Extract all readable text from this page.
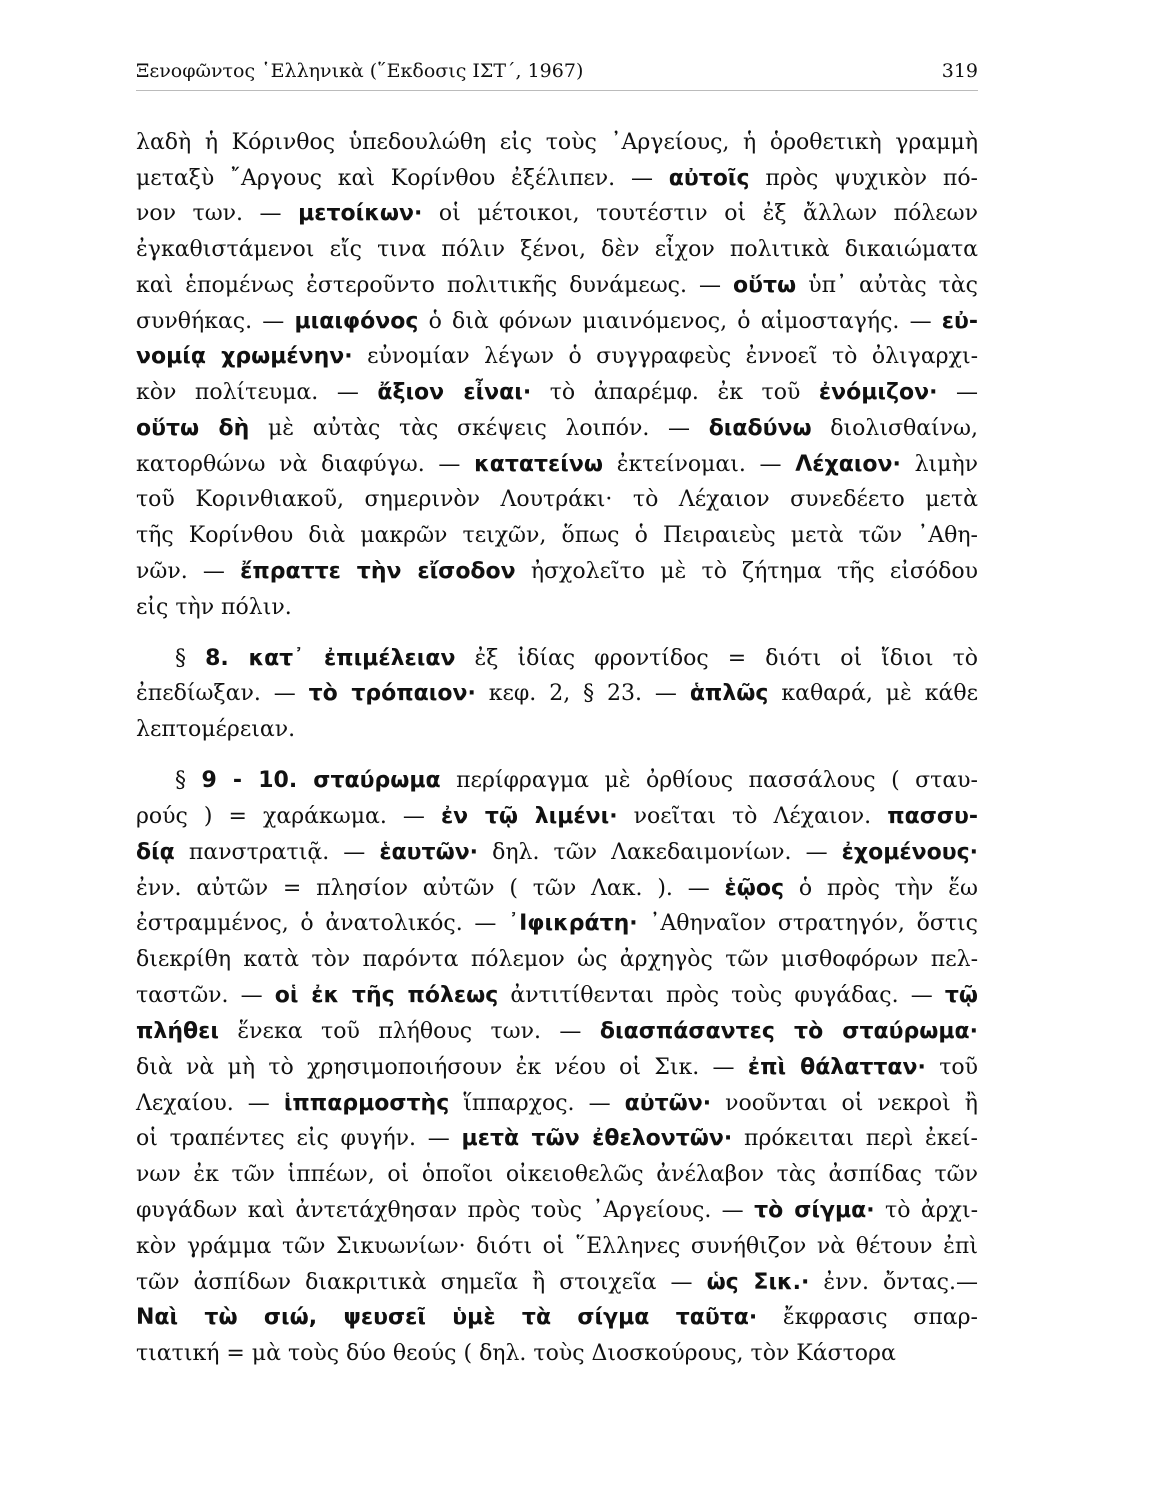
Ξενοφῶντος ῾Ελληνικὰ (῞Εκδοσις ΙΣΤ΄, 1967)	319
λαδὴ ἡ Κόρινθος ὑπεδουλώθη εἰς τοὺς ᾿Αργείους, ἡ ὁροθετικὴ γραμμὴ
μεταξὺ ῎Αργους καὶ Κορίνθου ἐξέλιπεν. — αὐτοῖς πρὸς ψυχικὸν πό-
νον των. — μετοίκων· οἱ μέτοικοι, τουτέστιν οἱ ἐξ ἄλλων πόλεων
ἐγκαθιστάμενοι εἴς τινα πόλιν ξένοι, δὲν εἶχον πολιτικὰ δικαιώματα
καὶ ἑπομένως ἐστεροῦντο πολιτικῆς δυνάμεως. — οὕτω ὑπ᾿ αὐτὰς τὰς
συνθήκας. — μιαιφόνος ὁ διὰ φόνων μιαινόμενος, ὁ αἱμοσταγής. — εὐ-
νομίᾳ χρωμένην· εὐνομίαν λέγων ὁ συγγραφεὺς ἐννοεῖ τὸ ὀλιγαρχι-
κὸν πολίτευμα. — ἄξιον εἶναι· τὸ ἀπαρέμφ. ἐκ τοῦ ἐνόμιζον· —
οὕτω δὴ μὲ αὐτὰς τὰς σκέψεις λοιπόν. — διαδύνω διολισθαίνω,
κατορθώνω νὰ διαφύγω. — κατατείνω ἐκτείνομαι. — Λέχαιον· λιμὴν
τοῦ Κορινθιακοῦ, σημερινὸν Λουτράκι· τὸ Λέχαιον συνεδέετο μετὰ
τῆς Κορίνθου διὰ μακρῶν τειχῶν, ὅπως ὁ Πειραιεὺς μετὰ τῶν ᾿Αθη-
νῶν. — ἔπραττε τὴν εἴσοδον ἠσχολεῖτο μὲ τὸ ζήτημα τῆς εἰσόδου
εἰς τὴν πόλιν.
§ 8. κατ᾿ ἐπιμέλειαν ἐξ ἰδίας φροντίδος = διότι οἱ ἴδιοι τὸ
ἐπεδίωξαν. — τὸ τρόπαιον· κεφ. 2, § 23. — ἁπλῶς καθαρά, μὲ κάθε
λεπτομέρειαν.
§ 9 - 10. σταύρωμα περίφραγμα μὲ ὀρθίους πασσάλους ( σταυ-
ρούς ) = χαράκωμα. — ἐν τῷ λιμένι· νοεῖται τὸ Λέχαιον. πασσυ-
δίᾳ πανστρατιᾷ. — ἑαυτῶν· δηλ. τῶν Λακεδαιμονίων. — ἐχομένους·
ἐνν. αὐτῶν = πλησίον αὐτῶν ( τῶν Λακ. ). — ἑῷος ὁ πρὸς τὴν ἕω
ἐστραμμένος, ὁ ἀνατολικός. — ᾿Ιφικράτη· ᾿Αθηναῖον στρατηγόν, ὅστις
διεκρίθη κατὰ τὸν παρόντα πόλεμον ὡς ἀρχηγὸς τῶν μισθοφόρων πελ-
ταστῶν. — οἱ ἐκ τῆς πόλεως ἀντιτίθενται πρὸς τοὺς φυγάδας. — τῷ
πλήθει ἕνεκα τοῦ πλήθους των. — διασπάσαντες τὸ σταύρωμα·
διὰ νὰ μὴ τὸ χρησιμοποιήσουν ἐκ νέου οἱ Σικ. — ἐπὶ θάλατταν· τοῦ
Λεχαίου. — ἱππαρμοστὴς ἵππαρχος. — αὐτῶν· νοοῦνται οἱ νεκροὶ ἢ
οἱ τραπέντες εἰς φυγήν. — μετὰ τῶν ἐθελοντῶν· πρόκειται περὶ ἐκεί-
νων ἐκ τῶν ἱππέων, οἱ ὁποῖοι οἰκειοθελῶς ἀνέλαβον τὰς ἀσπίδας τῶν
φυγάδων καὶ ἀντετάχθησαν πρὸς τοὺς ᾿Αργείους. — τὸ σίγμα· τὸ ἀρχι-
κὸν γράμμα τῶν Σικυωνίων· διότι οἱ ῞Ελληνες συνήθιζον νὰ θέτουν ἐπὶ
τῶν ἀσπίδων διακριτικὰ σημεῖα ἢ στοιχεῖα — ὡς Σικ.· ἐνν. ὄντας.—
Ναὶ τὼ σιώ, ψευσεῖ ὑμὲ τὰ σίγμα ταῦτα· ἔκφρασις σπαρ-
τιατική = μὰ τοὺς δύο θεούς ( δηλ. τοὺς Διοσκούρους, τὸν Κάστορα
